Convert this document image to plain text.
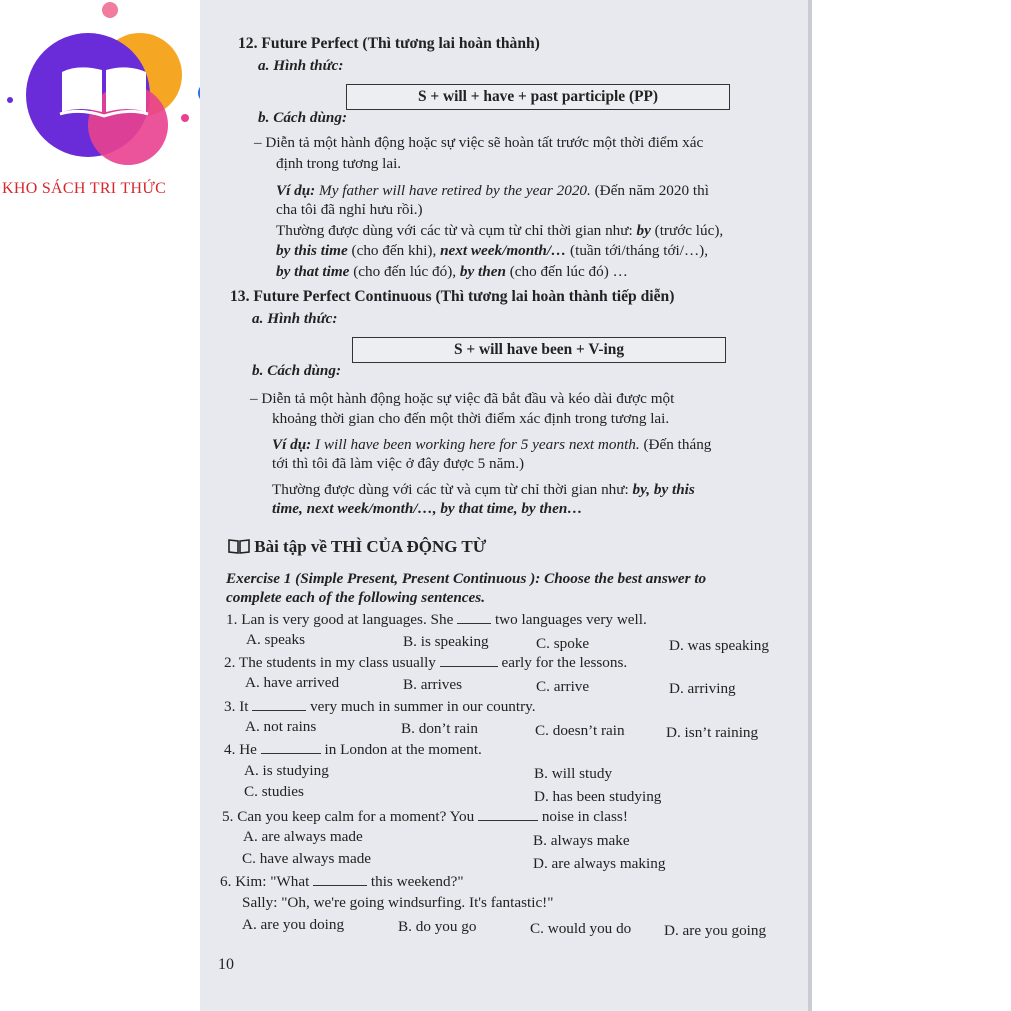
KHO SÁCH TRI THỨC
12. Future Perfect (Thì tương lai hoàn thành)
a. Hình thức:
S + will + have + past participle (PP)
b. Cách dùng:
– Diễn tả một hành động hoặc sự việc sẽ hoàn tất trước một thời điểm xác
định trong tương lai.
Ví dụ: My father will have retired by the year 2020. (Đến năm 2020 thì
cha tôi đã nghỉ hưu rồi.)
Thường được dùng với các từ và cụm từ chỉ thời gian như: by (trước lúc),
by this time (cho đến khi), next week/month/… (tuần tới/tháng tới/…),
by that time (cho đến lúc đó), by then (cho đến lúc đó) …
13. Future Perfect Continuous (Thì tương lai hoàn thành tiếp diễn)
a. Hình thức:
S + will have been + V-ing
b. Cách dùng:
– Diễn tả một hành động hoặc sự việc đã bắt đầu và kéo dài được một
khoảng thời gian cho đến một thời điểm xác định trong tương lai.
Ví dụ: I will have been working here for 5 years next month. (Đến tháng
tới thì tôi đã làm việc ở đây được 5 năm.)
Thường được dùng với các từ và cụm từ chỉ thời gian như: by, by this
time, next week/month/…, by that time, by then…
Bài tập về THÌ CỦA ĐỘNG TỪ
Exercise 1 (Simple Present, Present Continuous ): Choose the best answer to
complete each of the following sentences.
1. Lan is very good at languages. She  two languages very well.
A. speaks	B. is speaking	C. spoke	D. was speaking
2. The students in my class usually	early for the lessons.
A. have arrived	B. arrives	C. arrive	D. arriving
3. It	very much in summer in our country.
A. not rains	B. don’t rain	C. doesn’t rain	D. isn’t raining
4. He	in London at the moment.
A. is studying	B. will study
C. studies	D. has been studying
5. Can you keep calm for a moment? You	noise in class!
A. are always made	B. always make
C. have always made	D. are always making
6. Kim: "What	this weekend?"
Sally: "Oh, we're going windsurfing. It's fantastic!"
A. are you doing	B. do you go	C. would you do D. are you going
10
